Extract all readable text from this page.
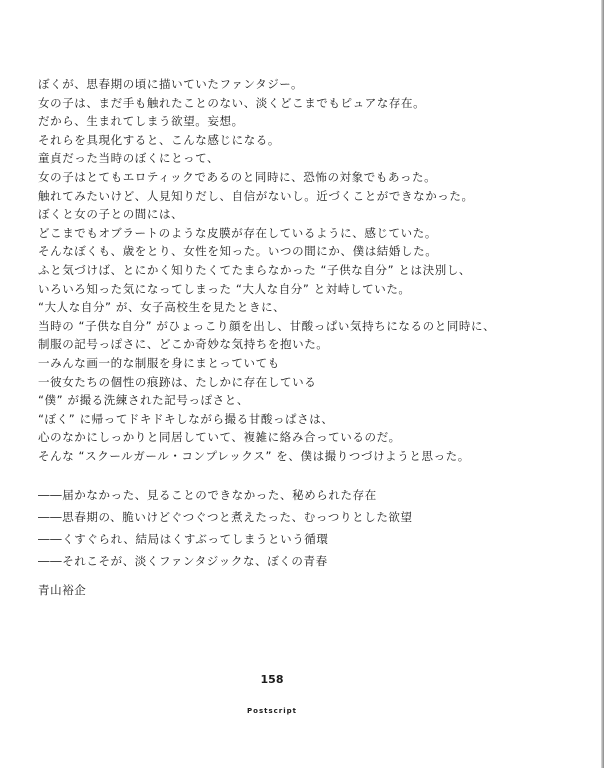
ぼくが、思春期の頃に描いていたファンタジー。
女の子は、まだ手も触れたことのない、淡くどこまでもピュアな存在。
だから、生まれてしまう欲望。妄想。
それらを具現化すると、こんな感じになる。
童貞だった当時のぼくにとって、
女の子はとてもエロティックであるのと同時に、恐怖の対象でもあった。
触れてみたいけど、人見知りだし、自信がないし。近づくことができなかった。
ぼくと女の子との間には、
どこまでもオブラートのような皮膜が存在しているように、感じていた。
そんなぼくも、歳をとり、女性を知った。いつの間にか、僕は結婚した。
ふと気づけば、とにかく知りたくてたまらなかった “子供な自分” とは決別し、
いろいろ知った気になってしまった “大人な自分” と対峙していた。
“大人な自分” が、女子高校生を見たときに、
当時の “子供な自分” がひょっこり顔を出し、甘酸っぱい気持ちになるのと同時に、
制服の記号っぽさに、どこか奇妙な気持ちを抱いた。
一みんな画一的な制服を身にまとっていても
一彼女たちの個性の痕跡は、たしかに存在している
“僕” が撮る洗練された記号っぽさと、
“ぼく” に帰ってドキドキしながら撮る甘酸っぱさは、
心のなかにしっかりと同居していて、複雑に絡み合っているのだ。
そんな “スクールガール・コンプレックス” を、僕は撮りつづけようと思った。
――届かなかった、見ることのできなかった、秘められた存在
――思春期の、脆いけどぐつぐつと煮えたった、むっつりとした欲望
――くすぐられ、結局はくすぶってしまうという循環
――それこそが、淡くファンタジックな、ぼくの青春
青山裕企
158
Postscript
